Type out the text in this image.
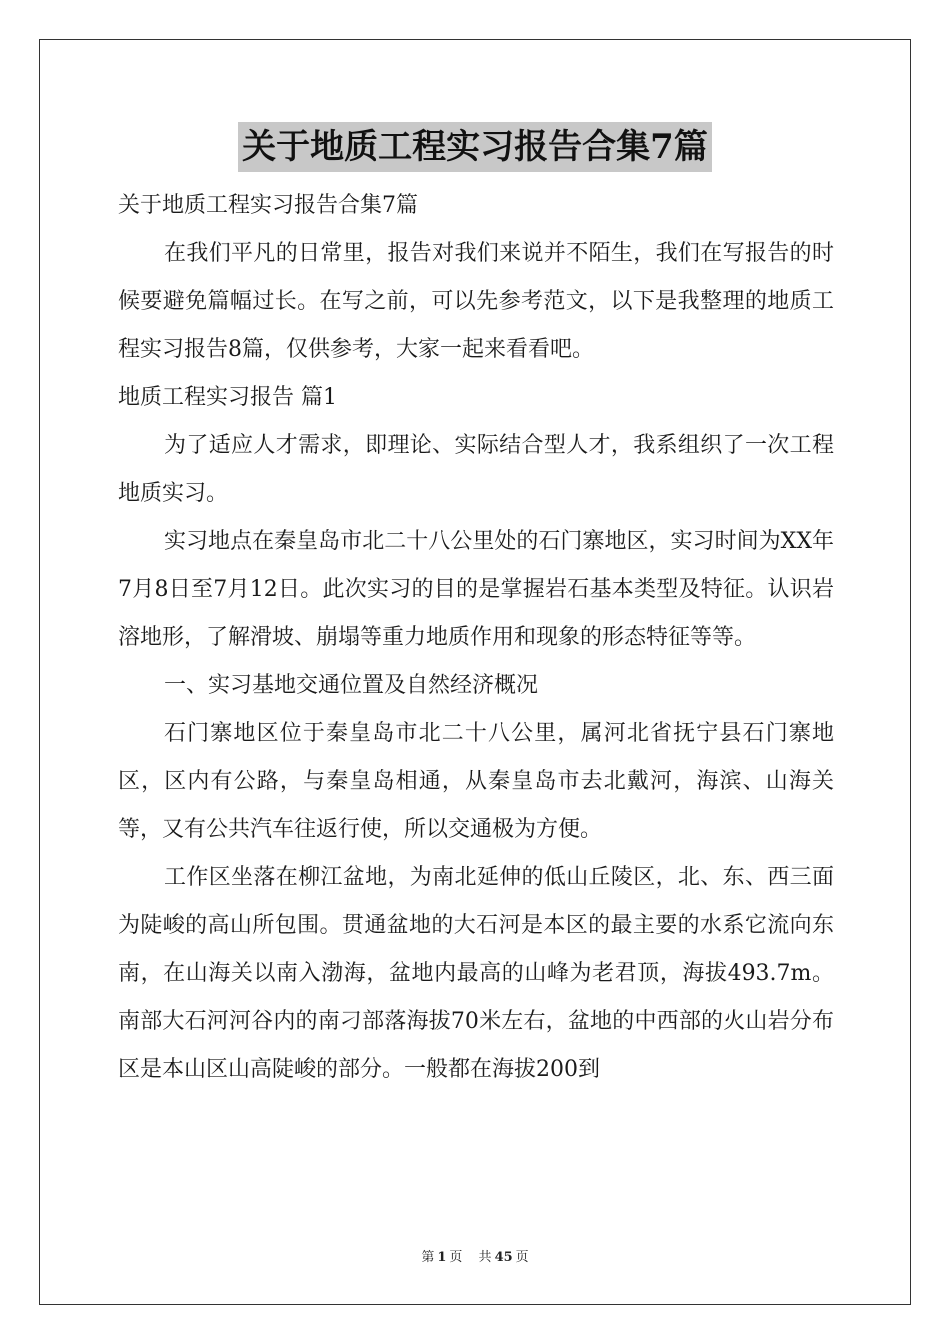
关于地质工程实习报告合集7篇

关于地质工程实习报告合集7篇

在我们平凡的日常里，报告对我们来说并不陌生，我们在写报告的时候要避免篇幅过长。在写之前，可以先参考范文，以下是我整理的地质工程实习报告8篇，仅供参考，大家一起来看看吧。

地质工程实习报告 篇1

为了适应人才需求，即理论、实际结合型人才，我系组织了一次工程地质实习。

实习地点在秦皇岛市北二十八公里处的石门寨地区，实习时间为XX年7月8日至7月12日。此次实习的目的是掌握岩石基本类型及特征。认识岩溶地形，了解滑坡、崩塌等重力地质作用和现象的形态特征等等。

一、实习基地交通位置及自然经济概况

石门寨地区位于秦皇岛市北二十八公里，属河北省抚宁县石门寨地区，区内有公路，与秦皇岛相通，从秦皇岛市去北戴河，海滨、山海关等，又有公共汽车往返行使，所以交通极为方便。

工作区坐落在柳江盆地，为南北延伸的低山丘陵区，北、东、西三面为陡峻的高山所包围。贯通盆地的大石河是本区的最主要的水系它流向东南，在山海关以南入渤海，盆地内最高的山峰为老君顶，海拔493.7m。南部大石河河谷内的南刁部落海拔70米左右，盆地的中西部的火山岩分布区是本山区山高陡峻的部分。一般都在海拔200到

第 1 页 共 45 页
